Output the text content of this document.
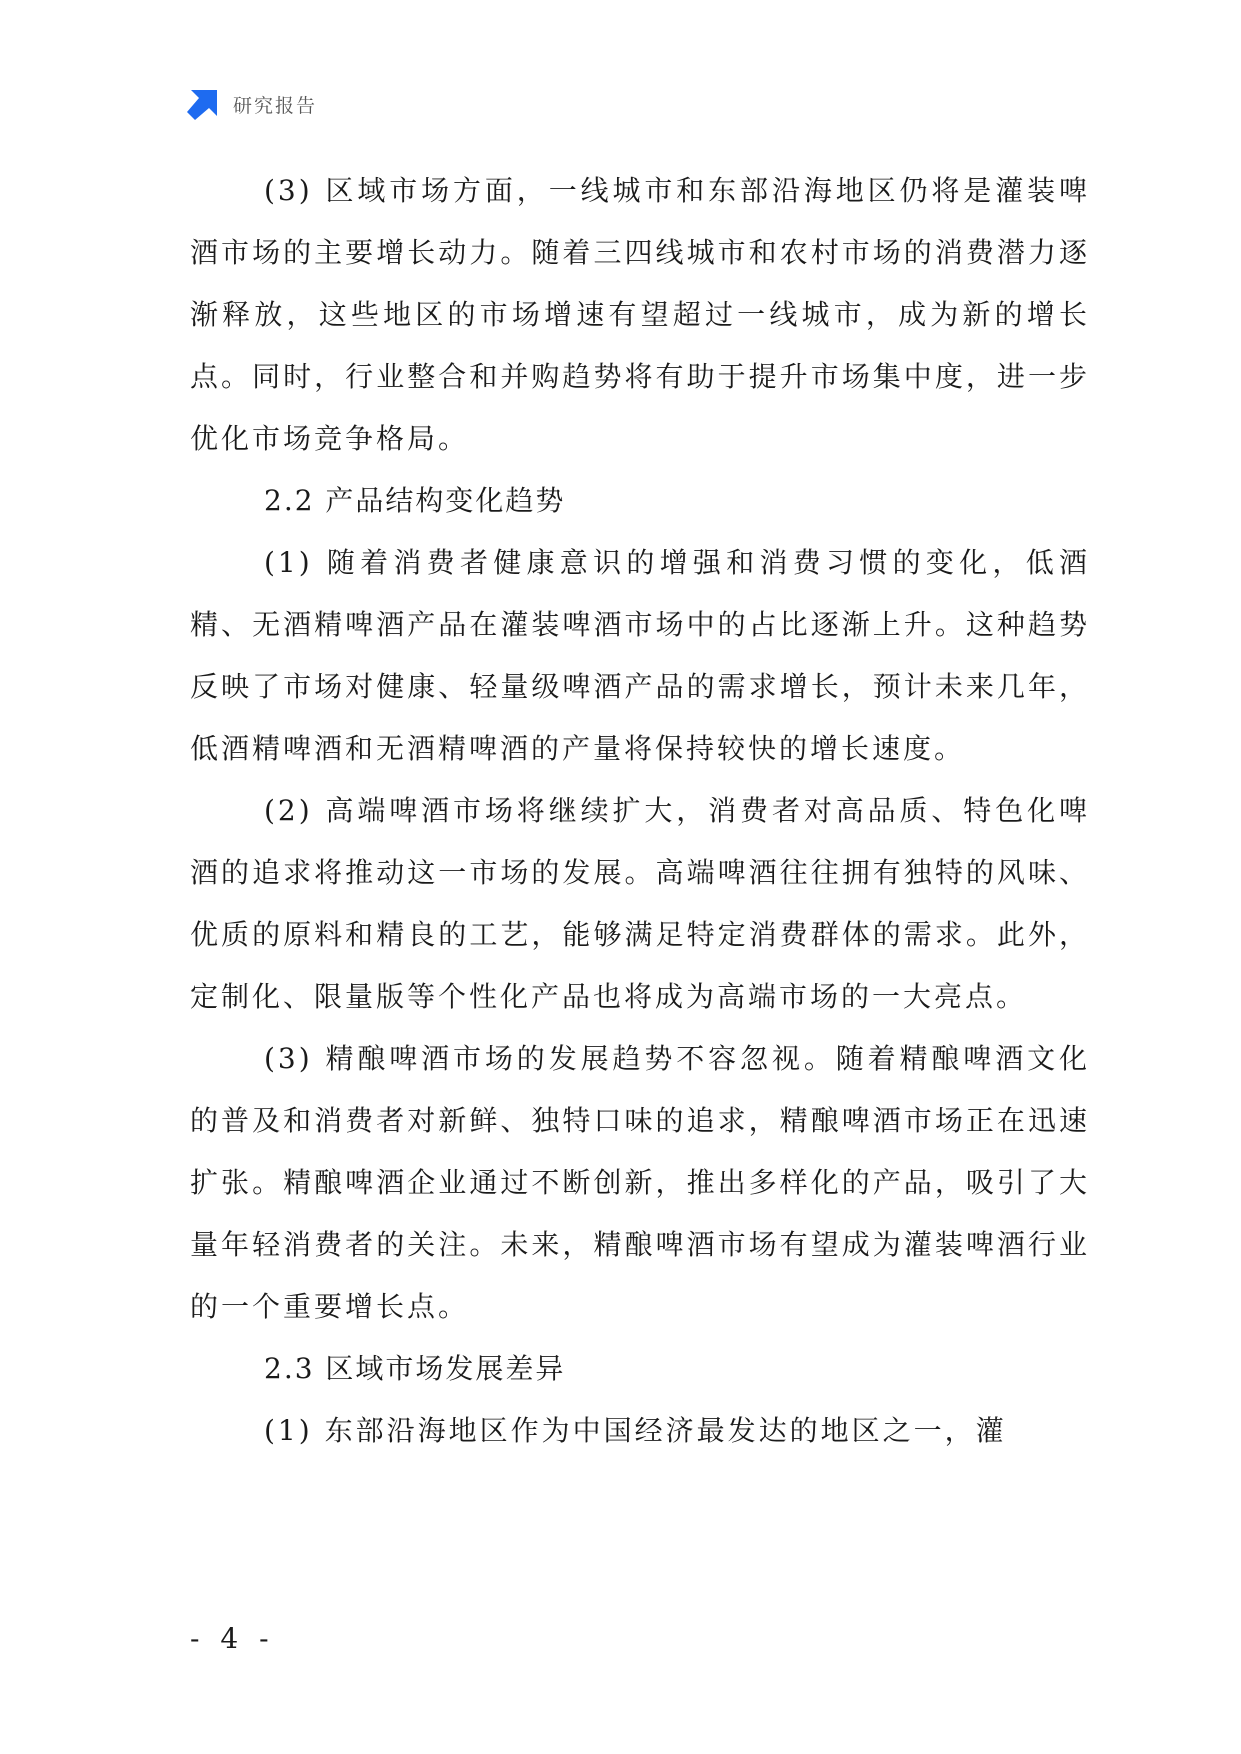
研究报告

(3) 区域市场方面，一线城市和东部沿海地区仍将是灌装啤酒市场的主要增长动力。随着三四线城市和农村市场的消费潜力逐渐释放，这些地区的市场增速有望超过一线城市，成为新的增长点。同时，行业整合和并购趋势将有助于提升市场集中度，进一步优化市场竞争格局。

2.2 产品结构变化趋势

(1) 随着消费者健康意识的增强和消费习惯的变化，低酒精、无酒精啤酒产品在灌装啤酒市场中的占比逐渐上升。这种趋势反映了市场对健康、轻量级啤酒产品的需求增长，预计未来几年，低酒精啤酒和无酒精啤酒的产量将保持较快的增长速度。

(2) 高端啤酒市场将继续扩大，消费者对高品质、特色化啤酒的追求将推动这一市场的发展。高端啤酒往往拥有独特的风味、优质的原料和精良的工艺，能够满足特定消费群体的需求。此外，定制化、限量版等个性化产品也将成为高端市场的一大亮点。

(3) 精酿啤酒市场的发展趋势不容忽视。随着精酿啤酒文化的普及和消费者对新鲜、独特口味的追求，精酿啤酒市场正在迅速扩张。精酿啤酒企业通过不断创新，推出多样化的产品，吸引了大量年轻消费者的关注。未来，精酿啤酒市场有望成为灌装啤酒行业的一个重要增长点。

2.3 区域市场发展差异

(1) 东部沿海地区作为中国经济最发达的地区之一，灌

- 4 -
